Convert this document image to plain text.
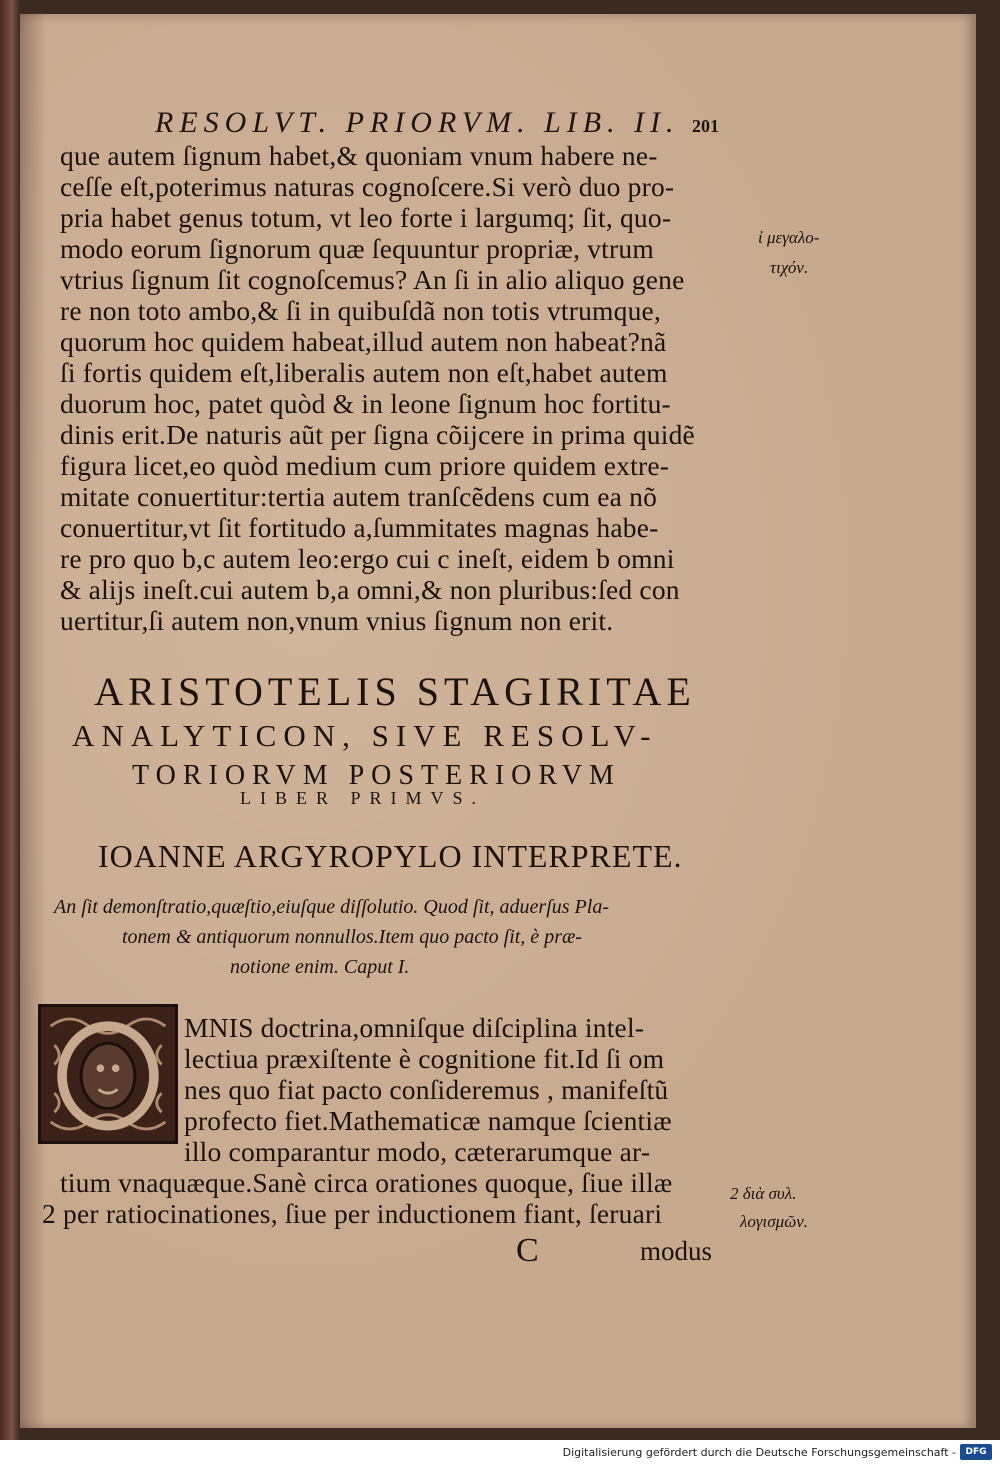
RESOLVT. PRIORVM. LIB. II. 201
que autem ſignum habet,& quoniam vnum habere ne-
ceſſe eſt,poterimus naturas cognoſcere.Si verò duo pro-
pria habet genus totum, vt leo forte i largumq; ſit, quo-
modo eorum ſignorum quæ ſequuntur propriæ, vtrum
vtrius ſignum ſit cognoſcemus? An ſi in alio aliquo gene
re non toto ambo,& ſi in quibuſdã non totis vtrumque,
quorum hoc quidem habeat,illud autem non habeat?nã
ſi fortis quidem eſt,liberalis autem non eſt,habet autem
duorum hoc, patet quòd & in leone ſignum hoc fortitu-
dinis erit.De naturis aũt per ſigna cõijcere in prima quidẽ
figura licet,eo quòd medium cum priore quidem extre-
mitate conuertitur:tertia autem tranſcẽdens cum ea nõ
conuertitur,vt ſit fortitudo a,ſummitates magnas habe-
re pro quo b,c autem leo:ergo cui c ineſt, eidem b omni
& alijs ineſt.cui autem b,a omni,& non pluribus:ſed con
uertitur,ſi autem non,vnum vnius ſignum non erit.
ἰ μεγαλο-
τιχόν.
ARISTOTELIS STAGIRITAE
ANALYTICON, SIVE RESOLV-
TORIORVM POSTERIORVM
LIBER PRIMVS.
IOANNE ARGYROPYLO INTERPRETE.
An ſit demonſtratio,quæſtio,eiuſque diſſolutio. Quod ſit, aduerſus Pla-
tonem & antiquorum nonnullos.Item quo pacto ſit, è præ-
notione enim. Caput I.
MNIS doctrina,omniſque diſciplina intel-
lectiua præxiſtente è cognitione fit.Id ſi om
nes quo fiat pacto conſideremus , manifeſtũ
profecto fiet.Mathematicæ namque ſcientiæ
illo comparantur modo, cæterarumque ar-
tium vnaquæque.Sanè circa orationes quoque, ſiue illæ
2 per ratiocinationes, ſiue per inductionem fiant, ſeruari
2 διὰ συλ.
λογισμῶν.
C	modus
Digitalisierung gefördert durch die Deutsche Forschungsgemeinschaft -	DFG
